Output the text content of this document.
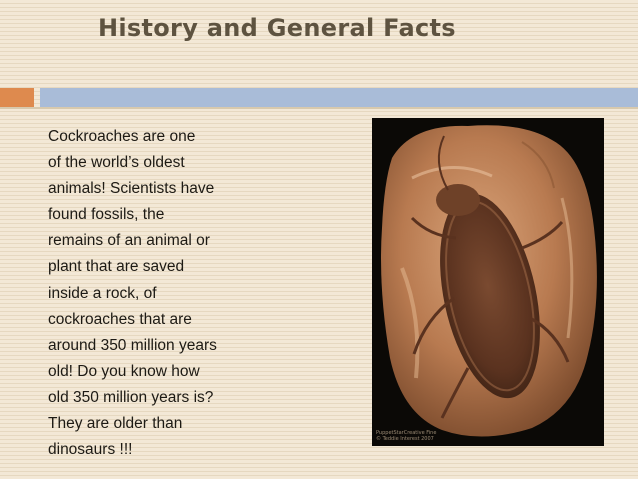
History and General Facts
Cockroaches are one
of the world’s oldest
animals! Scientists have
found fossils, the
remains of an animal or
plant that are saved
inside a rock, of
cockroaches that are
around 350 million years
old! Do you know how
old 350 million years is?
They are older than
dinosaurs !!!
PuppetStarCreative Fine
© Teddie Interest 2007
